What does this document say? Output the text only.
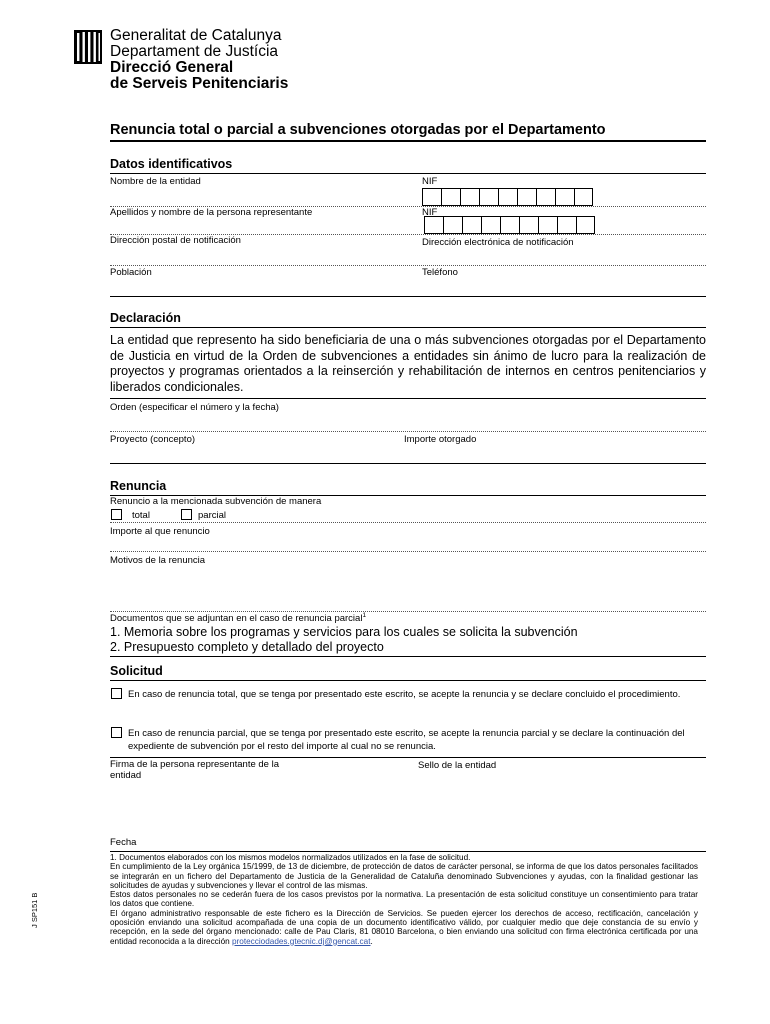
Generalitat de Catalunya
Departament de Justícia
Direcció General
de Serveis Penitenciaris
Renuncia total o parcial a subvenciones otorgadas por el Departamento
Datos identificativos
Nombre de la entidad	NIF
Apellidos y nombre de la persona representante	NIF
Dirección postal de notificación	Dirección electrónica de notificación
Población	Teléfono
Declaración
La entidad que represento ha sido beneficiaria de una o más subvenciones otorgadas por el Departamento de Justicia en virtud de la Orden de subvenciones a entidades sin ánimo de lucro para la realización de proyectos y programas orientados a la reinserción y rehabilitación de internos en centros penitenciarios y liberados condicionales.
Orden (especificar el número y la fecha)
Proyecto (concepto)	Importe otorgado
Renuncia
Renuncio a la mencionada subvención de manera
total	parcial
Importe al que renuncio
Motivos de la renuncia
Documentos que se adjuntan en el caso de renuncia parcial$^1$
1. Memoria sobre los programas y servicios para los cuales se solicita la subvención
2. Presupuesto completo y detallado del proyecto
Solicitud
En caso de renuncia total, que se tenga por presentado este escrito, se acepte la renuncia y se declare concluido el procedimiento.
En caso de renuncia parcial, que se tenga por presentado este escrito, se acepte la renuncia parcial y se declare la continuación del expediente de subvención por el resto del importe al cual no se renuncia.
Firma de la persona representante de la entidad
Sello de la entidad
Fecha

1. Documentos elaborados con los mismos modelos normalizados utilizados en la fase de solicitud.

En cumplimiento de la Ley orgánica 15/1999, de 13 de diciembre, de protección de datos de carácter personal, se informa de que los datos personales facilitados se integrarán en un fichero del Departamento de Justicia de la Generalidad de Cataluña denominado Subvenciones y ayudas, con la finalidad gestionar las solicitudes de ayudas y subvenciones y llevar el control de las mismas.

Estos datos personales no se cederán fuera de los casos previstos por la normativa. La presentación de esta solicitud constituye un consentimiento para tratar los datos que contiene.

El órgano administrativo responsable de este fichero es la Dirección de Servicios. Se pueden ejercer los derechos de acceso, rectificación, cancelación y oposición enviando una solicitud acompañada de una copia de un documento identificativo válido, por cualquier medio que deje constancia de su envío y recepción, en la sede del órgano mencionado: calle de Pau Claris, 81 08010 Barcelona, o bien enviando una solicitud con firma electrónica certificada por una entidad reconocida a la dirección protecciodades.gtecnic.dj@gencat.cat.

J SP151 B
